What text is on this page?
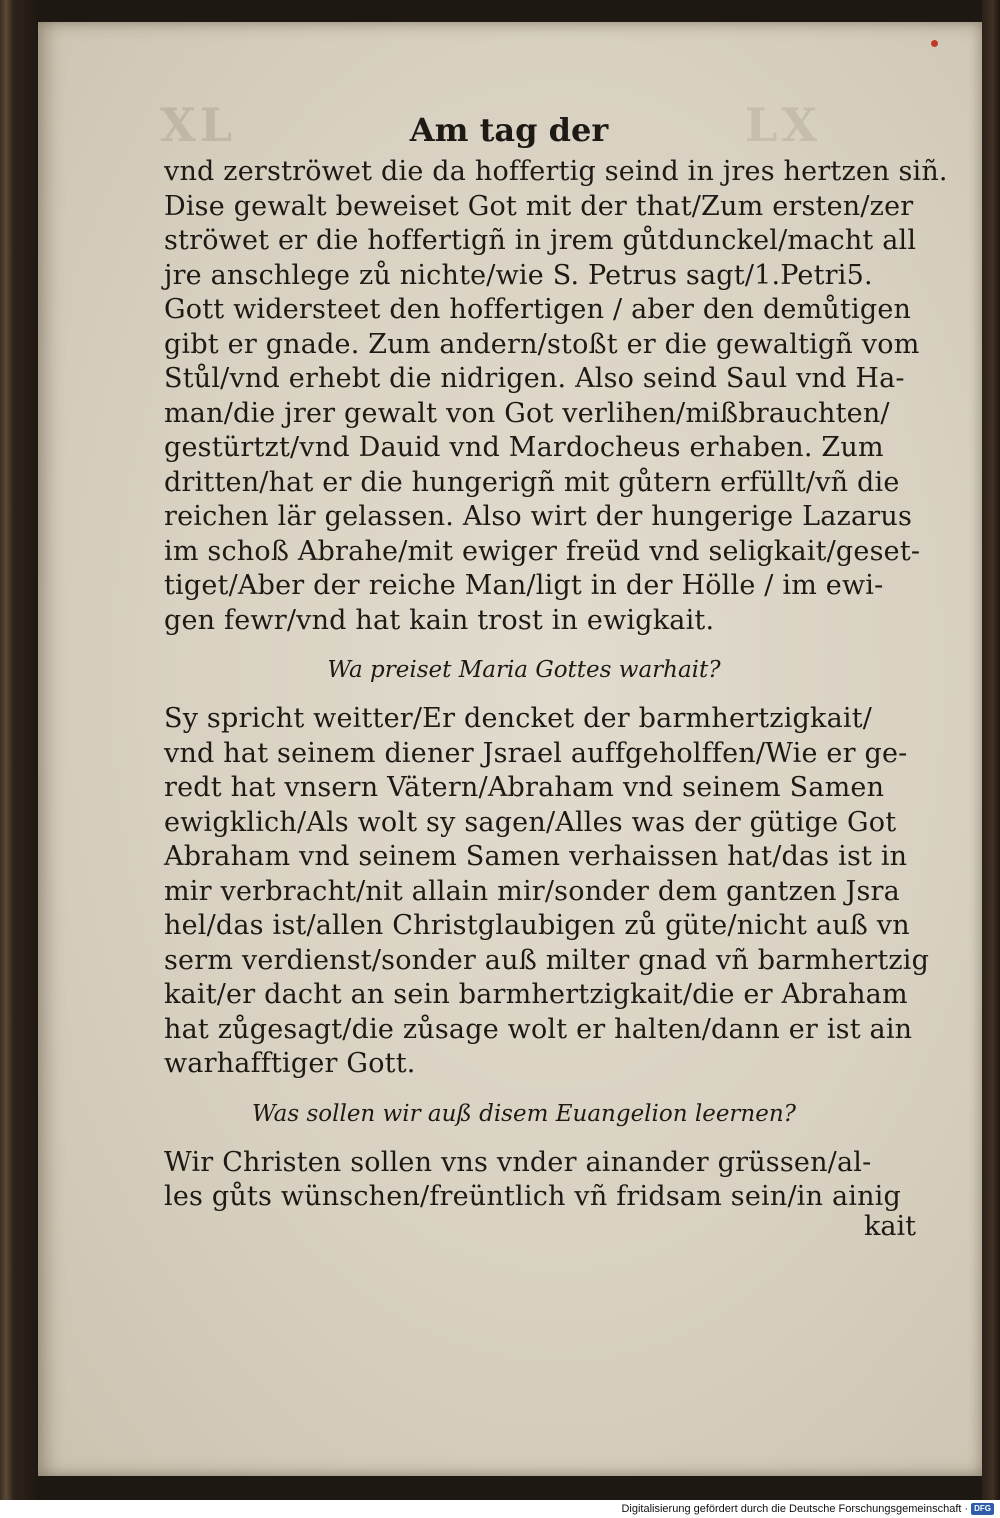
XL	LX
Am tag der
vnd zerströwet die da hoffertig seind in jres hertzen siñ.
Dise gewalt beweiset Got mit der that/Zum ersten/zer
ströwet er die hoffertigñ in jrem gůtdunckel/macht all
jre anschlege zů nichte/wie S. Petrus sagt/1.Petri5.
Gott widersteet den hoffertigen / aber den demůtigen
gibt er gnade. Zum andern/stoßt er die gewaltigñ vom
Stůl/vnd erhebt die nidrigen. Also seind Saul vnd Ha-
man/die jrer gewalt von Got verlihen/mißbrauchten/
gestürtzt/vnd Dauid vnd Mardocheus erhaben. Zum
dritten/hat er die hungerigñ mit gůtern erfüllt/vñ die
reichen lär gelassen. Also wirt der hungerige Lazarus
im schoß Abrahe/mit ewiger freüd vnd seligkait/geset-
tiget/Aber der reiche Man/ligt in der Hölle / im ewi-
gen fewr/vnd hat kain trost in ewigkait.
Wa preiset Maria Gottes warhait?
Sy spricht weitter/Er dencket der barmhertzigkait/
vnd hat seinem diener Jsrael auffgeholffen/Wie er ge-
redt hat vnsern Vätern/Abraham vnd seinem Samen
ewigklich/Als wolt sy sagen/Alles was der gütige Got
Abraham vnd seinem Samen verhaissen hat/das ist in
mir verbracht/nit allain mir/sonder dem gantzen Jsra
hel/das ist/allen Christglaubigen zů güte/nicht auß vn
serm verdienst/sonder auß milter gnad vñ barmhertzig
kait/er dacht an sein barmhertzigkait/die er Abraham
hat zůgesagt/die zůsage wolt er halten/dann er ist ain
warhafftiger Gott.
Was sollen wir auß disem Euangelion leernen?
Wir Christen sollen vns vnder ainander grüssen/al-
les gůts wünschen/freüntlich vñ fridsam sein/in ainig
kait
Digitalisierung gefördert durch die Deutsche Forschungsgemeinschaft · DFG
